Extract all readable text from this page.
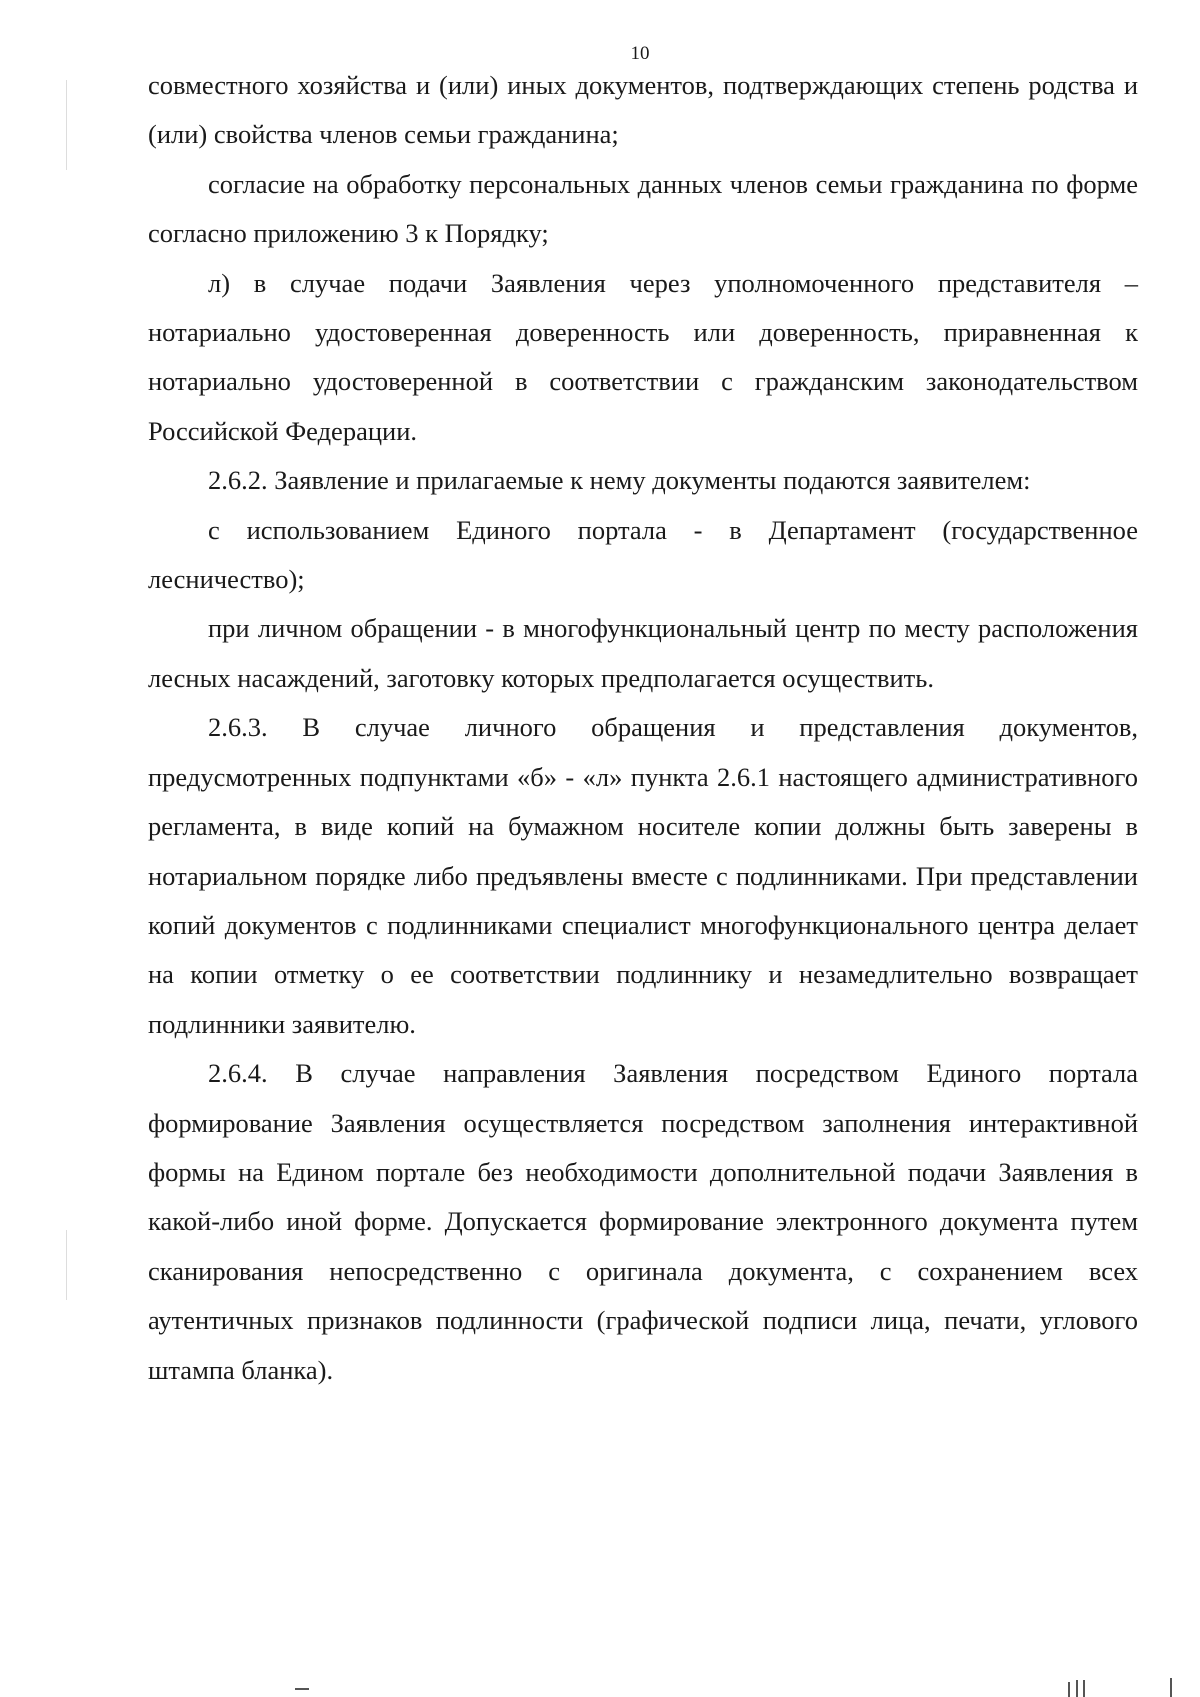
10

совместного хозяйства и (или) иных документов, подтверждающих степень родства и (или) свойства членов семьи гражданина;

согласие на обработку персональных данных членов семьи гражданина по форме согласно приложению 3 к Порядку;

л) в случае подачи Заявления через уполномоченного представителя – нотариально удостоверенная доверенность или доверенность, приравненная к нотариально удостоверенной в соответствии с гражданским законодательством Российской Федерации.

2.6.2. Заявление и прилагаемые к нему документы подаются заявителем:

с использованием Единого портала - в Департамент (государственное лесничество);

при личном обращении - в многофункциональный центр по месту расположения лесных насаждений, заготовку которых предполагается осуществить.

2.6.3. В случае личного обращения и представления документов, предусмотренных подпунктами «б» - «л» пункта 2.6.1 настоящего административного регламента, в виде копий на бумажном носителе копии должны быть заверены в нотариальном порядке либо предъявлены вместе с подлинниками. При представлении копий документов с подлинниками специалист многофункционального центра делает на копии отметку о ее соответствии подлиннику и незамедлительно возвращает подлинники заявителю.

2.6.4. В случае направления Заявления посредством Единого портала формирование Заявления осуществляется посредством заполнения интерактивной формы на Едином портале без необходимости дополнительной подачи Заявления в какой-либо иной форме. Допускается формирование электронного документа путем сканирования непосредственно с оригинала документа, с сохранением всех аутентичных признаков подлинности (графической подписи лица, печати, углового штампа бланка).
